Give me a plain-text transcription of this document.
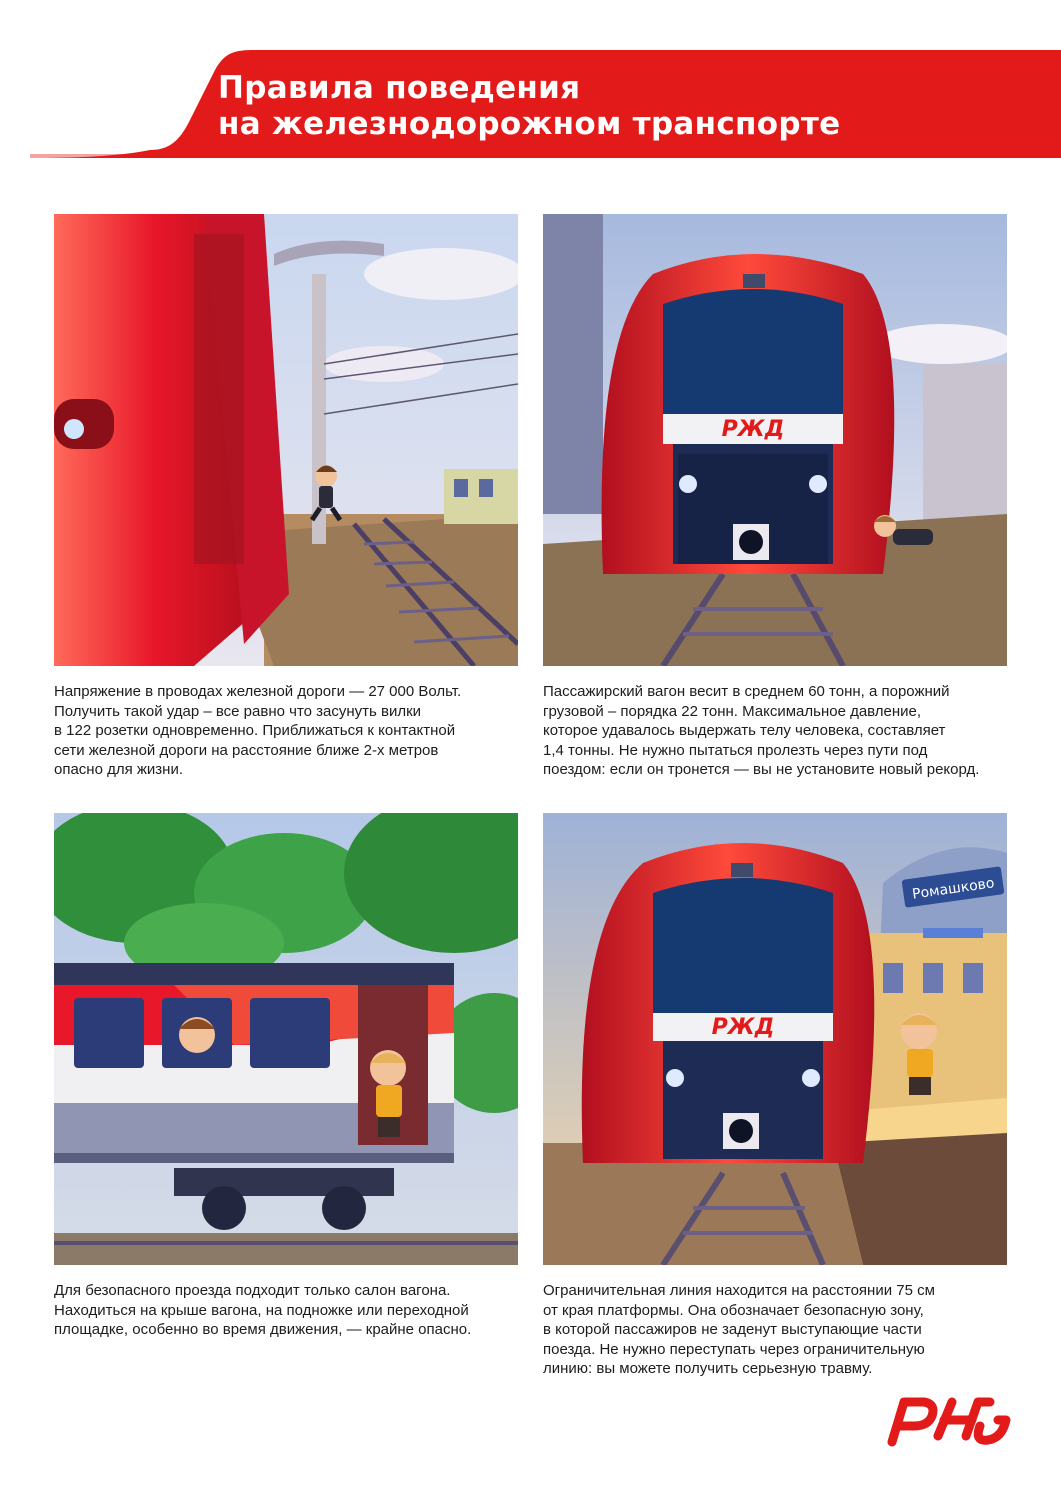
Правила поведения
на железнодорожном транспорте
РЖД
Ромашково
РЖД
Напряжение в проводах железной дороги — 27 000 Вольт.
Получить такой удар – все равно что засунуть вилки
в 122 розетки одновременно. Приближаться к контактной
сети железной дороги на расстояние ближе 2-х метров
опасно для жизни.
Пассажирский вагон весит в среднем 60 тонн, а порожний
грузовой – порядка 22 тонн. Максимальное давление,
которое удавалось выдержать телу человека, составляет
1,4 тонны. Не нужно пытаться пролезть через пути под
поездом: если он тронется — вы не установите новый рекорд.
Для безопасного проезда подходит только салон вагона.
Находиться на крыше вагона, на подножке или переходной
площадке, особенно во время движения, — крайне опасно.
Ограничительная линия находится на расстоянии 75 см
от края платформы. Она обозначает безопасную зону,
в которой пассажиров не заденут выступающие части
поезда. Не нужно переступать через ограничительную
линию: вы можете получить серьезную травму.
